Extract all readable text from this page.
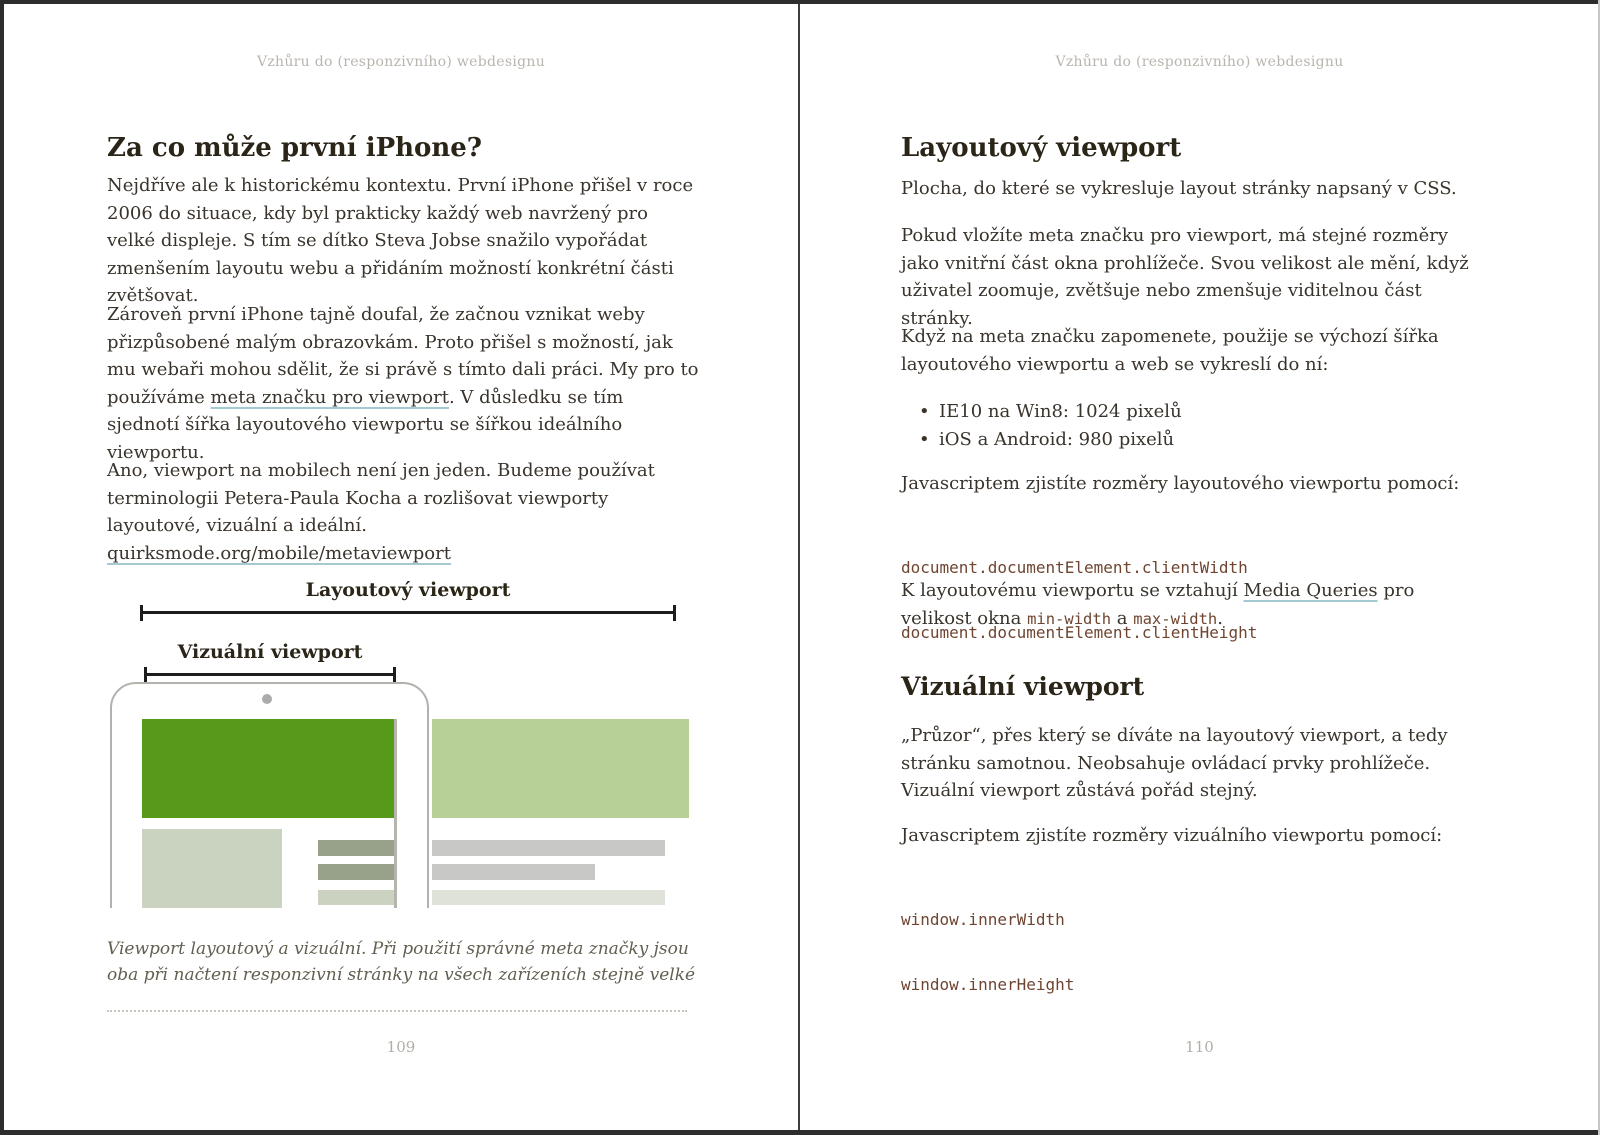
Vzhůru do (responzivního) webdesignu
Za co může první iPhone?

Nejdříve ale k historickému kontextu. První iPhone přišel v roce 2006 do situace, kdy byl prakticky každý web navržený pro velké displeje. S tím se dítko Steva Jobse snažilo vypořádat zmenšením layoutu webu a přidáním možností konkrétní části zvětšovat.

Zároveň první iPhone tajně doufal, že začnou vznikat weby přizpůsobené malým obrazovkám. Proto přišel s možností, jak mu webaři mohou sdělit, že si právě s tímto dali práci. My pro to používáme meta značku pro viewport. V důsledku se tím sjednotí šířka layoutového viewportu se šířkou ideálního viewportu.

Ano, viewport na mobilech není jen jeden. Budeme používat terminologii Petera-Paula Kocha a rozlišovat viewporty layoutové, vizuální a ideální. quirksmode.org/mobile/metaviewport

Layoutový viewport

Vizuální viewport

Viewport layoutový a vizuální. Při použití správné meta značky jsou oba při načtení responzivní stránky na všech zařízeních stejně velké

109
Vzhůru do (responzivního) webdesignu
Layoutový viewport

Plocha, do které se vykresluje layout stránky napsaný v CSS.

Pokud vložíte meta značku pro viewport, má stejné rozměry jako vnitřní část okna prohlížeče. Svou velikost ale mění, když uživatel zoomuje, zvětšuje nebo zmenšuje viditelnou část stránky.

Když na meta značku zapomenete, použije se výchozí šířka layoutového viewportu a web se vykreslí do ní:

• IE10 na Win8: 1024 pixelů
• iOS a Android: 980 pixelů

Javascriptem zjistíte rozměry layoutového viewportu pomocí:

document.documentElement.clientWidth

document.documentElement.clientHeight

K layoutovému viewportu se vztahují Media Queries pro velikost okna min-width a max-width.

Vizuální viewport

„Průzor“, přes který se díváte na layoutový viewport, a tedy stránku samotnou. Neobsahuje ovládací prvky prohlížeče. Vizuální viewport zůstává pořád stejný.

Javascriptem zjistíte rozměry vizuálního viewportu pomocí:

window.innerWidth

window.innerHeight

110
